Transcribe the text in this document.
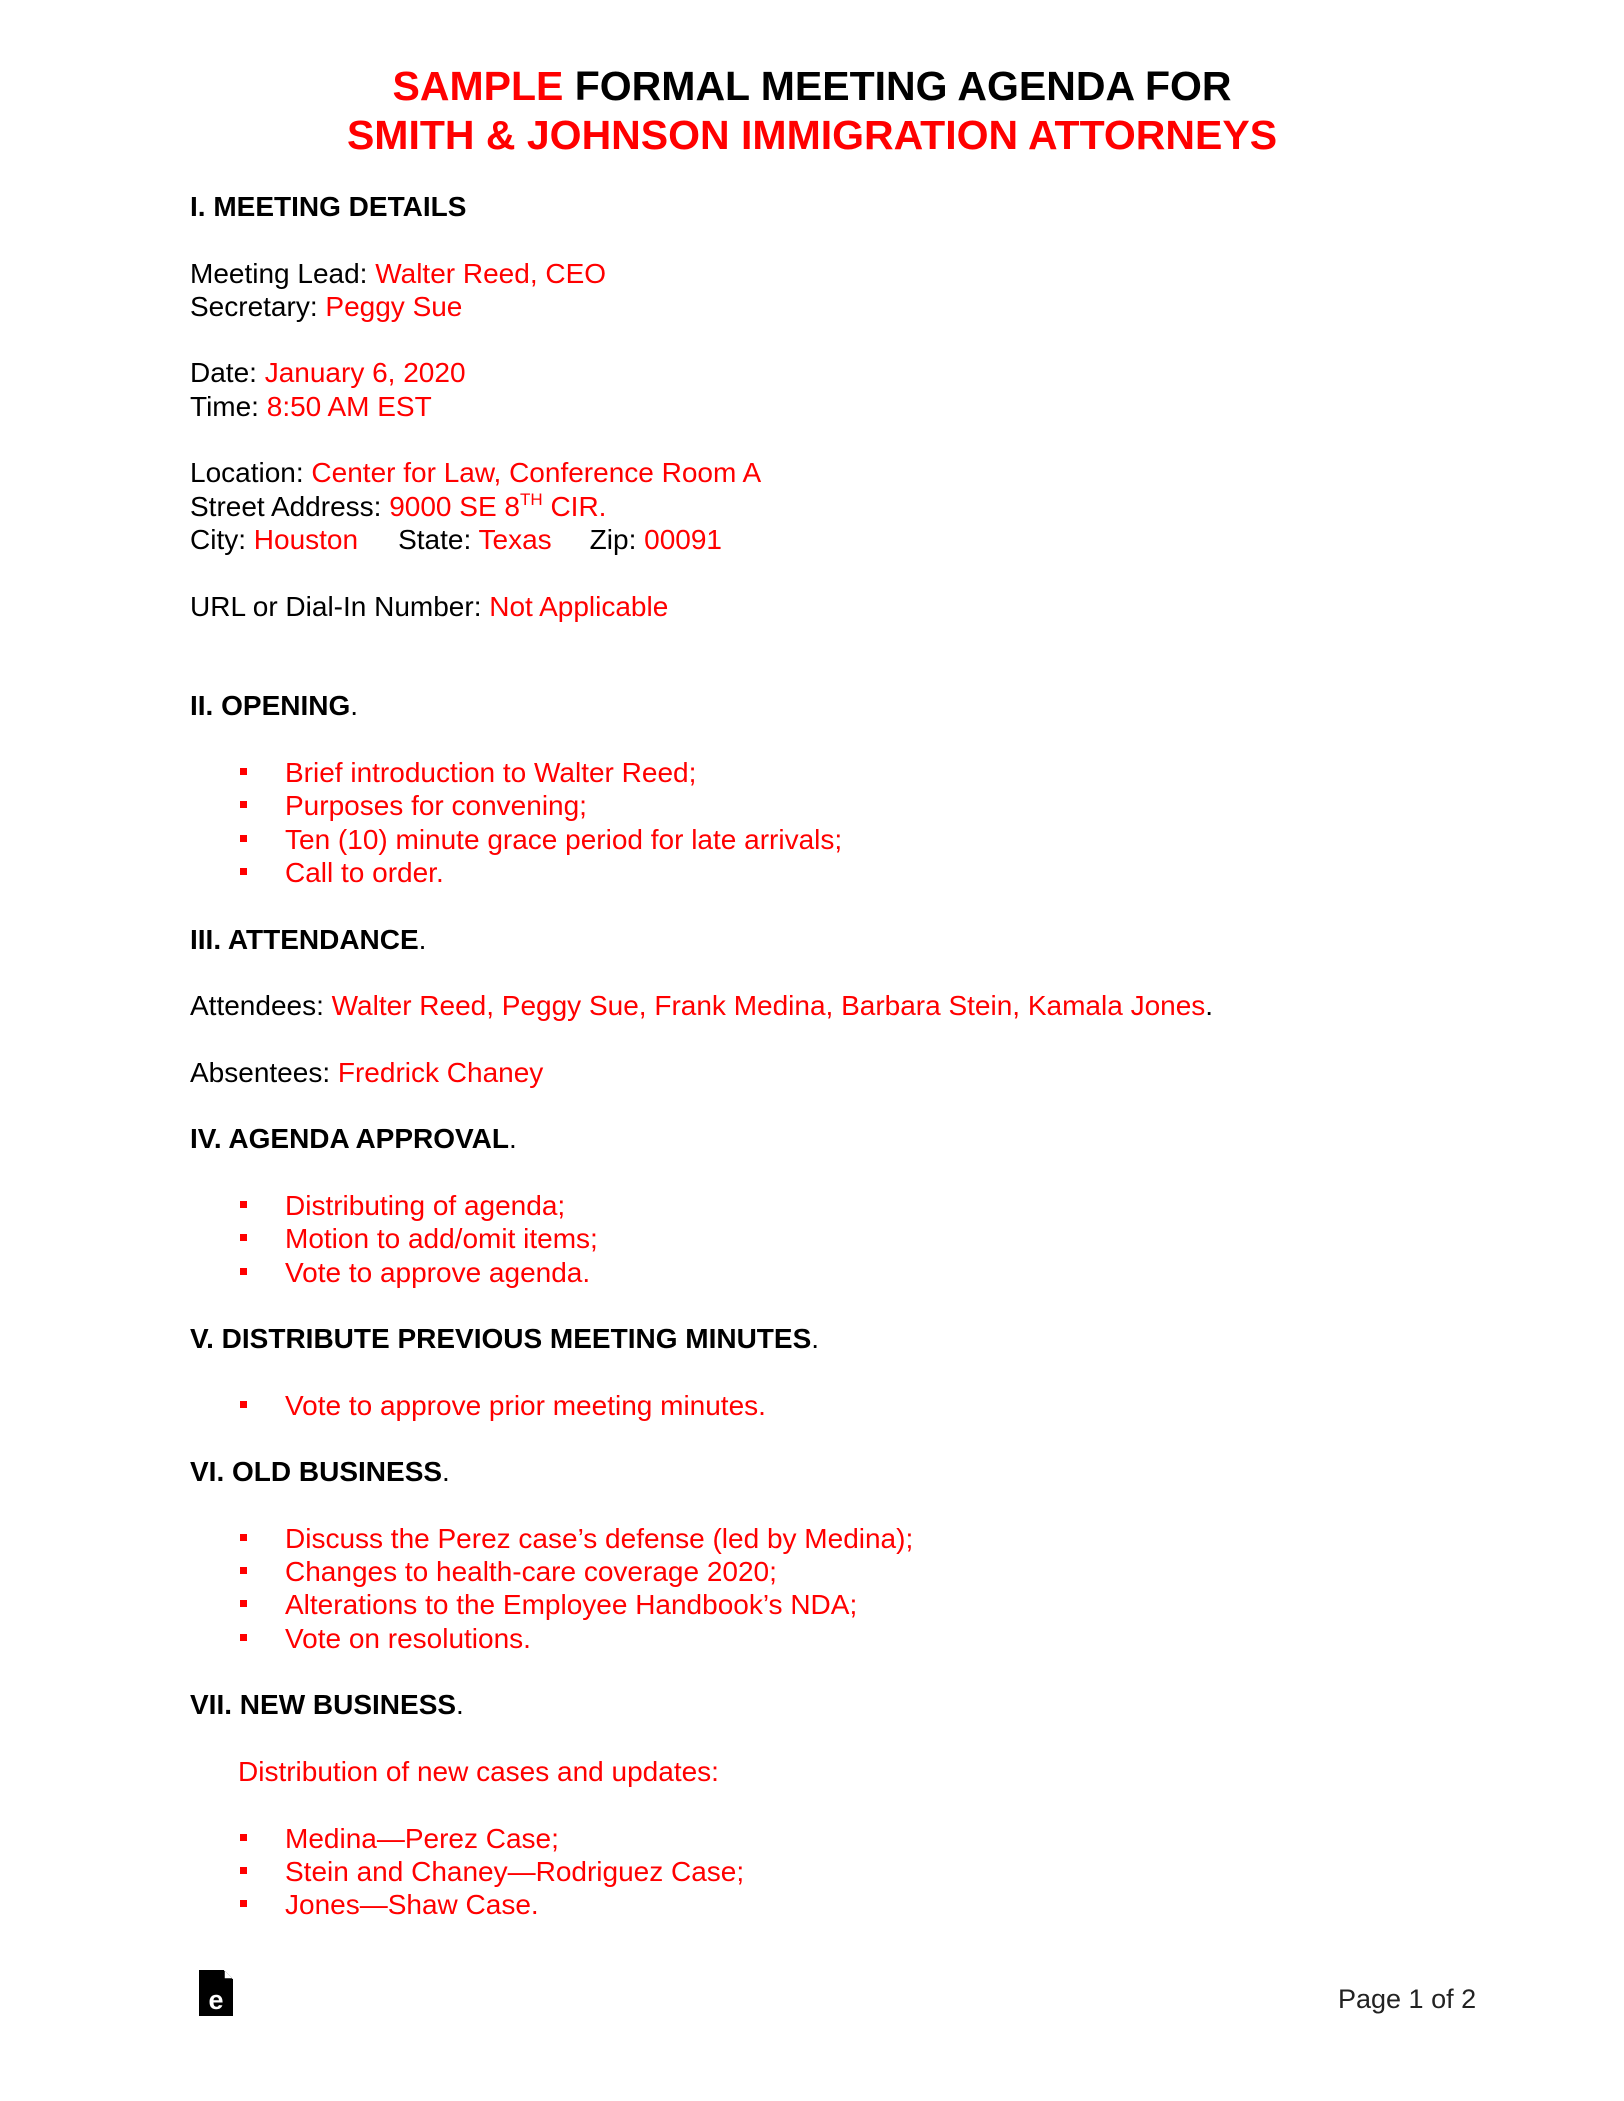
SAMPLE FORMAL MEETING AGENDA FOR
SMITH & JOHNSON IMMIGRATION ATTORNEYS
I. MEETING DETAILS
Meeting Lead: Walter Reed, CEO
Secretary: Peggy Sue
Date: January 6, 2020
Time: 8:50 AM EST
Location: Center for Law, Conference Room A
Street Address: 9000 SE 8TH CIR.
City: Houston State: Texas Zip: 00091
URL or Dial-In Number: Not Applicable
II. OPENING.
Brief introduction to Walter Reed;
Purposes for convening;
Ten (10) minute grace period for late arrivals;
Call to order.
III. ATTENDANCE.
Attendees: Walter Reed, Peggy Sue, Frank Medina, Barbara Stein, Kamala Jones.
Absentees: Fredrick Chaney
IV. AGENDA APPROVAL.
Distributing of agenda;
Motion to add/omit items;
Vote to approve agenda.
V. DISTRIBUTE PREVIOUS MEETING MINUTES.
Vote to approve prior meeting minutes.
VI. OLD BUSINESS.
Discuss the Perez case’s defense (led by Medina);
Changes to health-care coverage 2020;
Alterations to the Employee Handbook’s NDA;
Vote on resolutions.
VII. NEW BUSINESS.
Distribution of new cases and updates:
Medina—Perez Case;
Stein and Chaney—Rodriguez Case;
Jones—Shaw Case.
e	Page 1 of 2
